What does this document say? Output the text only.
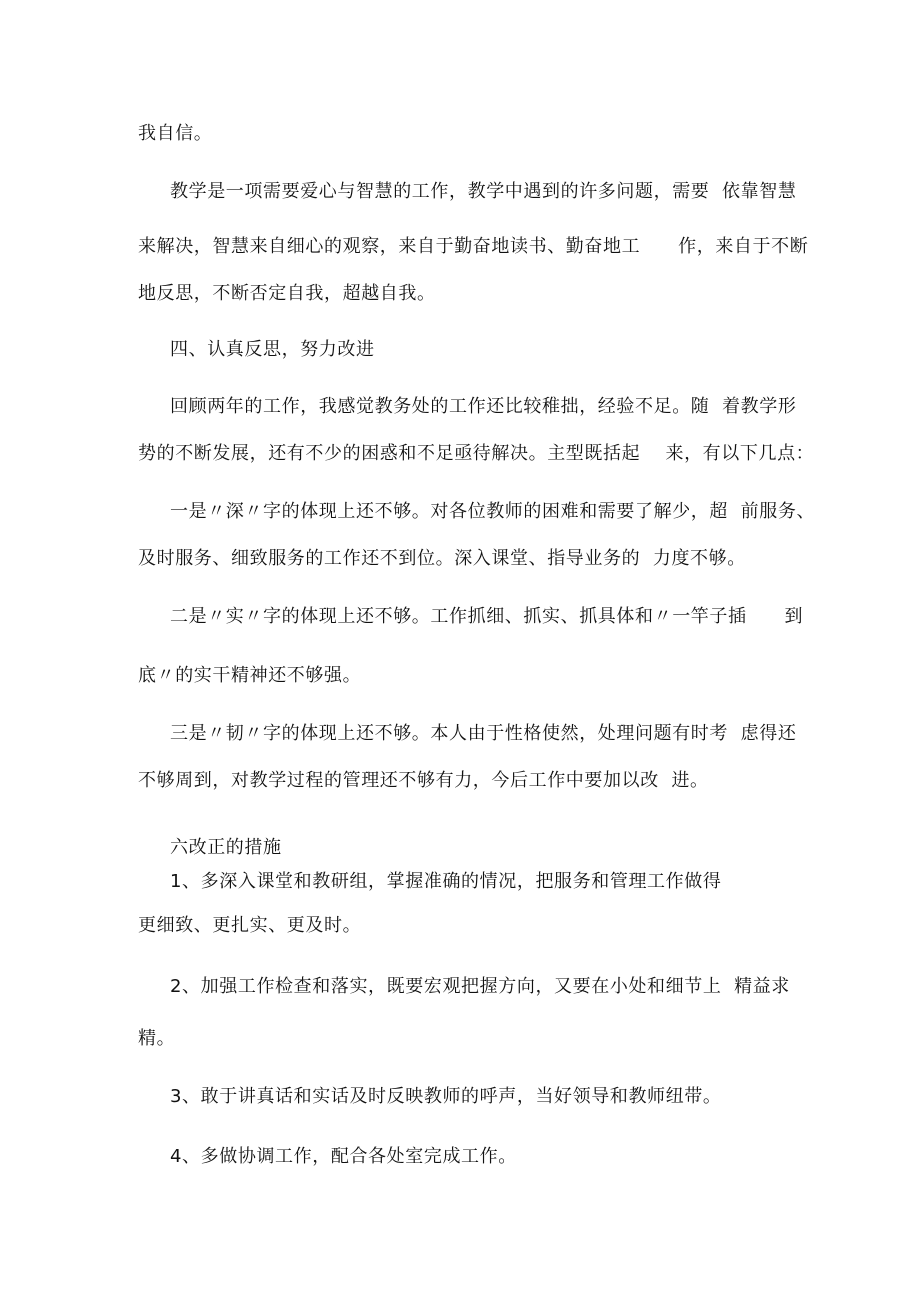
我自信。
教学是一项需要爱心与智慧的工作，教学中遇到的许多问题，需要  依靠智慧
来解决，智慧来自细心的观察，来自于勤奋地读书、勤奋地工      作，来自于不断
地反思，不断否定自我，超越自我。
四、认真反思，努力改进
回顾两年的工作，我感觉教务处的工作还比较稚拙，经验不足。随  着教学形
势的不断发展，还有不少的困惑和不足亟待解决。主型既括起    来，有以下几点：
一是〃深〃字的体现上还不够。对各位教师的困难和需要了解少，超  前服务、
及时服务、细致服务的工作还不到位。深入课堂、指导业务的  力度不够。
二是〃实〃字的体现上还不够。工作抓细、抓实、抓具体和〃一竿子插      到
底〃的实干精神还不够强。
三是〃韧〃字的体现上还不够。本人由于性格使然，处理问题有时考  虑得还
不够周到，对教学过程的管理还不够有力，今后工作中要加以改  进。
六改正的措施
1、多深入课堂和教研组，掌握准确的情况，把服务和管理工作做得
更细致、更扎实、更及时。
2、加强工作检查和落实，既要宏观把握方向，又要在小处和细节上  精益求
精。
3、敢于讲真话和实话及时反映教师的呼声，当好领导和教师纽带。
4、多做协调工作，配合各处室完成工作。
